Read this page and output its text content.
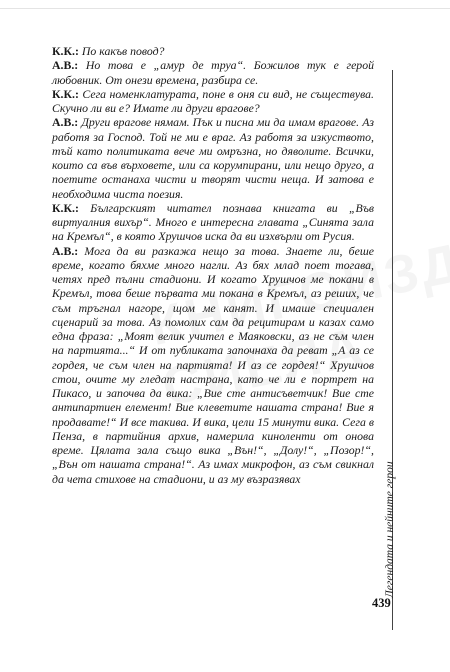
К.К.: По какъв повод?

А.В.: Но това е „амур де труа“. Божилов тук е герой любовник. От онези времена, разбира се.

К.К.: Сега номенклатурата, поне в оня си вид, не съществува. Скучно ли ви е? Имате ли други врагове?

А.В.: Други врагове нямам. Пък и писна ми да имам врагове. Аз работя за Господ. Той не ми е враг. Аз работя за изкуството, тъй като политиката вече ми омръзна, но дяволите. Всички, които са във върховете, или са корумпирани, или нещо друго, а поетите останаха чисти и творят чисти неща. И затова е необходима чиста поезия.

К.К.: Българският читател познава книгата ви „Във виртуалния вихър“. Много е интересна главата „Синята зала на Кремъл“, в която Хрушчов иска да ви изхвърли от Русия.

А.В.: Мога да ви разкажа нещо за това. Знаете ли, беше време, когато бяхме много нагли. Аз бях млад поет тогава, четях пред пълни стадиони. И когато Хрушчов ме покани в Кремъл, това беше първата ми покана в Кремъл, аз реших, че съм тръгнал нагоре, щом ме канят. И имаше специален сценарий за това. Аз помолих сам да рецитирам и казах само една фраза: „Моят велик учител е Маяковски, аз не съм член на партията...“ И от публиката започнаха да реват „А аз се гордея, че съм член на партията! И аз се гордея!“ Хрушчов стои, очите му гледат настрана, като че ли е портрет на Пикасо, и започва да вика: „Вие сте антисъветчик! Вие сте антипартиен елемент! Вие клеветите нашата страна! Вие я продавате!“ И все такива. И вика, цели 15 минути вика. Сега в Пенза, в партийния архив, намерила киноленти от онова време. Цялата зала също вика „Вън!“, „Долу!“, „Позор!“, „Вън от нашата страна!“. Аз имах микрофон, аз съм свикнал да чета стихове на стадиони, и аз му възразявах	Легендата и нейните герои
439
